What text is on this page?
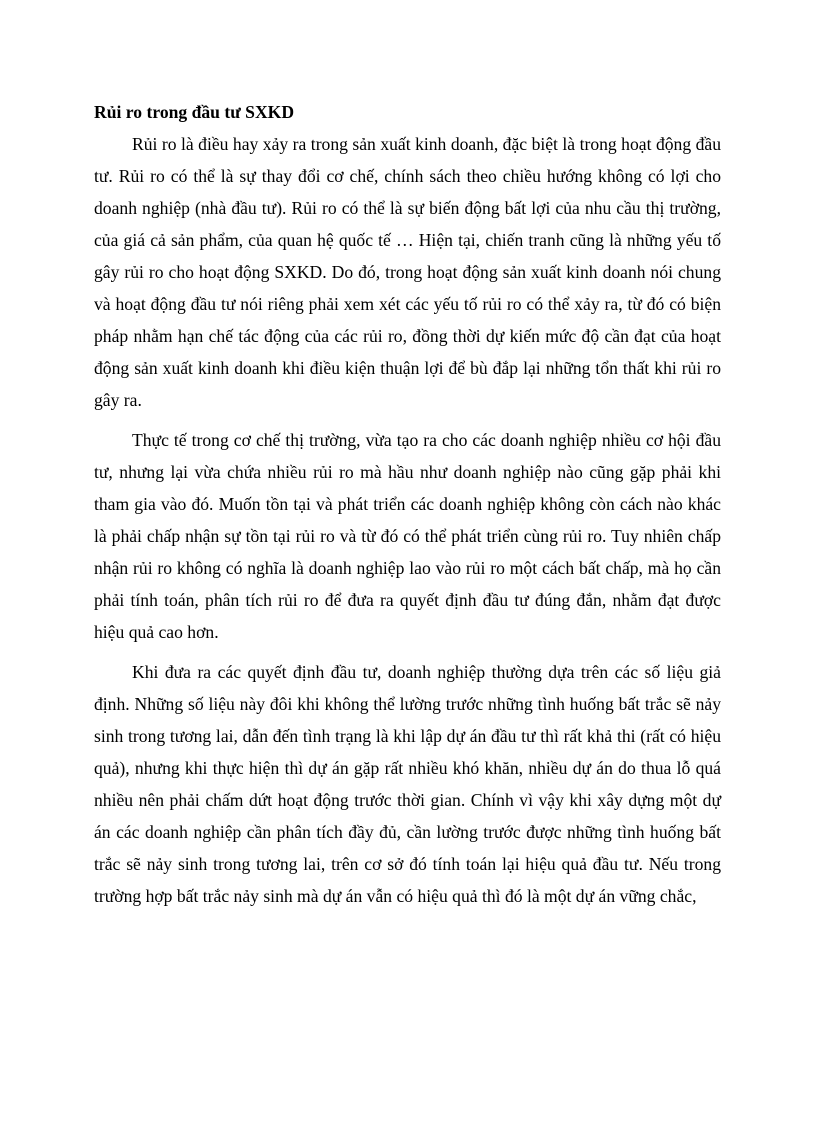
Rủi ro trong đầu tư SXKD

Rủi ro là điều hay xảy ra trong sản xuất kinh doanh, đặc biệt là trong hoạt động đầu tư. Rủi ro có thể là sự thay đổi cơ chế, chính sách theo chiều hướng không có lợi cho doanh nghiệp (nhà đầu tư). Rủi ro có thể là sự biến động bất lợi của nhu cầu thị trường, của giá cả sản phẩm, của quan hệ quốc tế … Hiện tại, chiến tranh cũng là những yếu tố gây rủi ro cho hoạt động SXKD. Do đó, trong hoạt động sản xuất kinh doanh nói chung và hoạt động đầu tư nói riêng phải xem xét các yếu tố rủi ro có thể xảy ra, từ đó có biện pháp nhằm hạn chế tác động của các rủi ro, đồng thời dự kiến mức độ cần đạt của hoạt động sản xuất kinh doanh khi điều kiện thuận lợi để bù đắp lại những tổn thất khi rủi ro gây ra.

Thực tế trong cơ chế thị trường, vừa tạo ra cho các doanh nghiệp nhiều cơ hội đầu tư, nhưng lại vừa chứa nhiều rủi ro mà hầu như doanh nghiệp nào cũng gặp phải khi tham gia vào đó. Muốn tồn tại và phát triển các doanh nghiệp không còn cách nào khác là phải chấp nhận sự tồn tại rủi ro và từ đó có thể phát triển cùng rủi ro. Tuy nhiên chấp nhận rủi ro không có nghĩa là doanh nghiệp lao vào rủi ro một cách bất chấp, mà họ cần phải tính toán, phân tích rủi ro để đưa ra quyết định đầu tư đúng đắn, nhằm đạt được hiệu quả cao hơn.

Khi đưa ra các quyết định đầu tư, doanh nghiệp thường dựa trên các số liệu giả định. Những số liệu này đôi khi không thể lường trước những tình huống bất trắc sẽ nảy sinh trong tương lai, dẫn đến tình trạng là khi lập dự án đầu tư thì rất khả thi (rất có hiệu quả), nhưng khi thực hiện thì dự án gặp rất nhiều khó khăn, nhiều dự án do thua lỗ quá nhiều nên phải chấm dứt hoạt động trước thời gian. Chính vì vậy khi xây dựng một dự án các doanh nghiệp cần phân tích đầy đủ, cần lường trước được những tình huống bất trắc sẽ nảy sinh trong tương lai, trên cơ sở đó tính toán lại hiệu quả đầu tư. Nếu trong trường hợp bất trắc nảy sinh mà dự án vẫn có hiệu quả thì đó là một dự án vững chắc,
